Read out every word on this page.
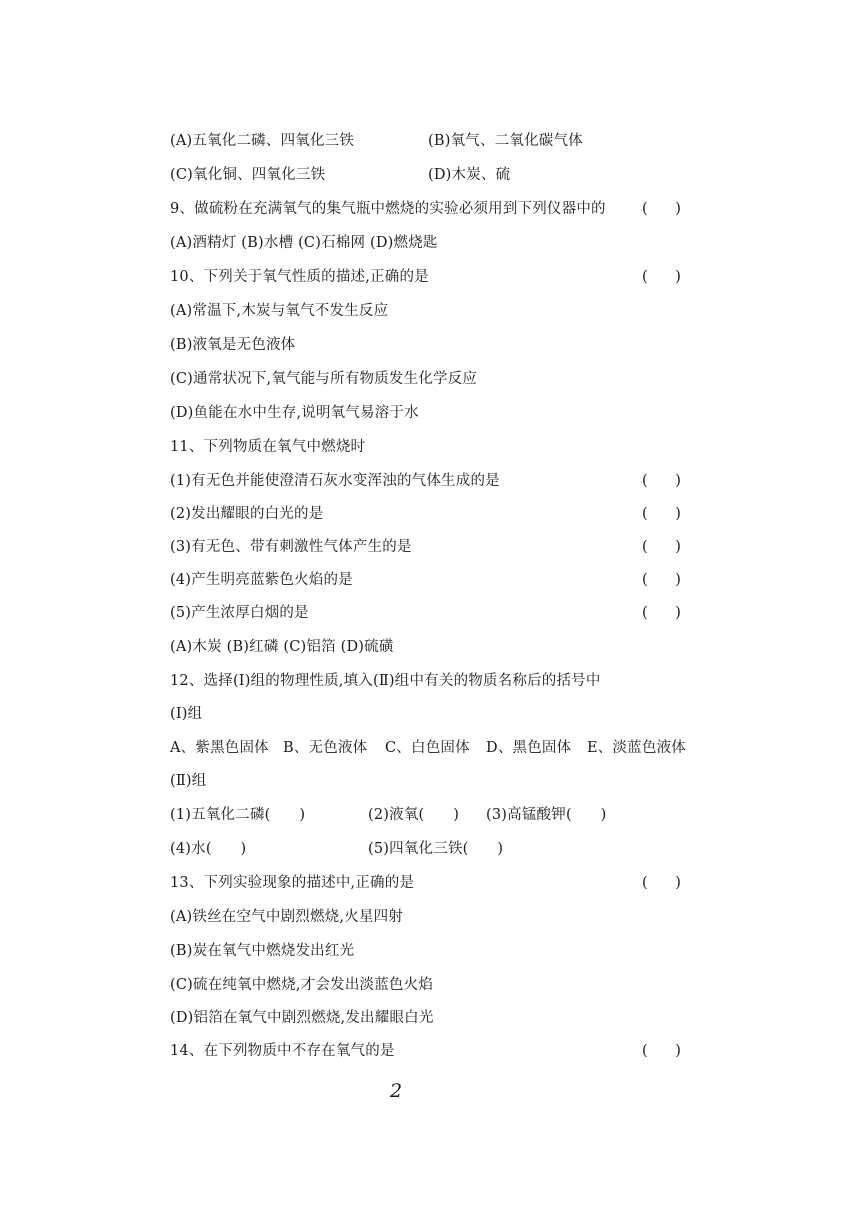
(A)五氧化二磷、四氧化三铁	(B)氧气、二氧化碳气体
(C)氧化铜、四氧化三铁	(D)木炭、硫
9、做硫粉在充满氧气的集气瓶中燃烧的实验必须用到下列仪器中的	(      )
(A)酒精灯 (B)水槽 (C)石棉网 (D)燃烧匙
10、下列关于氧气性质的描述,正确的是	(      )
(A)常温下,木炭与氧气不发生反应
(B)液氧是无色液体
(C)通常状况下,氧气能与所有物质发生化学反应
(D)鱼能在水中生存,说明氧气易溶于水
11、下列物质在氧气中燃烧时
(1)有无色并能使澄清石灰水变浑浊的气体生成的是	(      )
(2)发出耀眼的白光的是	(      )
(3)有无色、带有刺激性气体产生的是	(      )
(4)产生明亮蓝紫色火焰的是	(      )
(5)产生浓厚白烟的是	(      )
(A)木炭 (B)红磷 (C)铝箔 (D)硫磺
12、选择(Ⅰ)组的物理性质,填入(Ⅱ)组中有关的物质名称后的括号中
(Ⅰ)组
A、紫黑色固体 B、无色液体 C、白色固体 D、黑色固体 E、淡蓝色液体
(Ⅱ)组
(1)五氧化二磷(      )	(2)液氧(      ) (3)高锰酸钾(      )
(4)水(      )	(5)四氧化三铁(      )
13、下列实验现象的描述中,正确的是	(      )
(A)铁丝在空气中剧烈燃烧,火星四射
(B)炭在氧气中燃烧发出红光
(C)硫在纯氧中燃烧,才会发出淡蓝色火焰
(D)铝箔在氧气中剧烈燃烧,发出耀眼白光
14、在下列物质中不存在氧气的是	(      )
2
